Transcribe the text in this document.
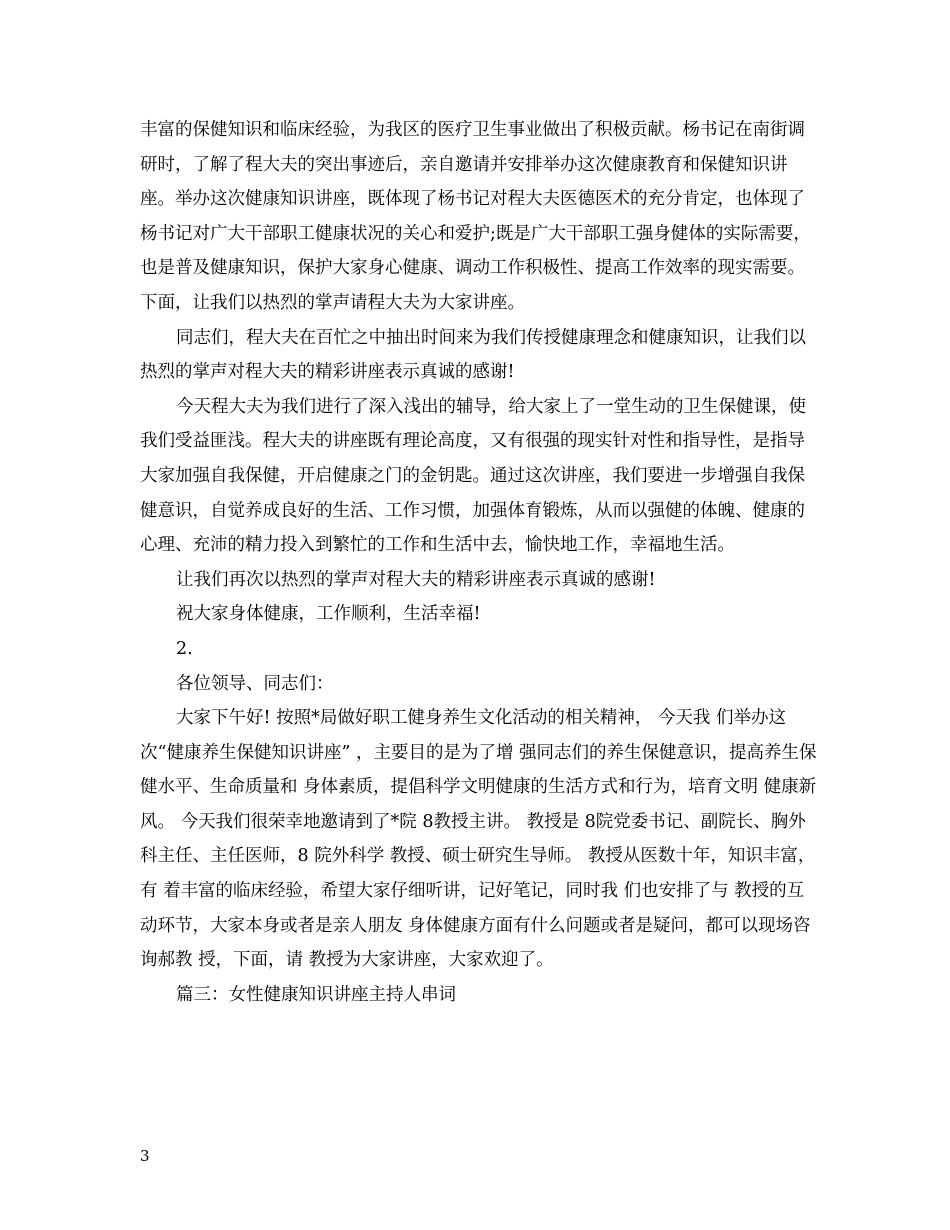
丰富的保健知识和临床经验，为我区的医疗卫生事业做出了积极贡献。杨书记在南街调研时，了解了程大夫的突出事迹后，亲自邀请并安排举办这次健康教育和保健知识讲座。举办这次健康知识讲座，既体现了杨书记对程大夫医德医术的充分肯定，也体现了杨书记对广大干部职工健康状况的关心和爱护;既是广大干部职工强身健体的实际需要，也是普及健康知识，保护大家身心健康、调动工作积极性、提高工作效率的现实需要。 下面，让我们以热烈的掌声请程大夫为大家讲座。

同志们，程大夫在百忙之中抽出时间来为我们传授健康理念和健康知识，让我们以热烈的掌声对程大夫的精彩讲座表示真诚的感谢!

今天程大夫为我们进行了深入浅出的辅导，给大家上了一堂生动的卫生保健课，使我们受益匪浅。程大夫的讲座既有理论高度，又有很强的现实针对性和指导性，是指导大家加强自我保健，开启健康之门的金钥匙。通过这次讲座，我们要进一步增强自我保健意识，自觉养成良好的生活、工作习惯，加强体育锻炼，从而以强健的体魄、健康的心理、充沛的精力投入到繁忙的工作和生活中去，愉快地工作，幸福地生活。

让我们再次以热烈的掌声对程大夫的精彩讲座表示真诚的感谢!

祝大家身体健康，工作顺利，生活幸福!

2.

各位领导、同志们：

大家下午好! 按照*局做好职工健身养生文化活动的相关精神， 今天我 们举办这次“健康养生保健知识讲座” ，主要目的是为了增 强同志们的养生保健意识，提高养生保健水平、生命质量和 身体素质，提倡科学文明健康的生活方式和行为，培育文明 健康新风。 今天我们很荣幸地邀请到了*院 8教授主讲。 教授是 8院党委书记、副院长、胸外科主任、主任医师，8 院外科学 教授、硕士研究生导师。 教授从医数十年，知识丰富，有 着丰富的临床经验，希望大家仔细听讲，记好笔记，同时我 们也安排了与 教授的互动环节，大家本身或者是亲人朋友 身体健康方面有什么问题或者是疑问，都可以现场咨询郝教 授，下面，请 教授为大家讲座，大家欢迎了。

篇三：女性健康知识讲座主持人串词

3
